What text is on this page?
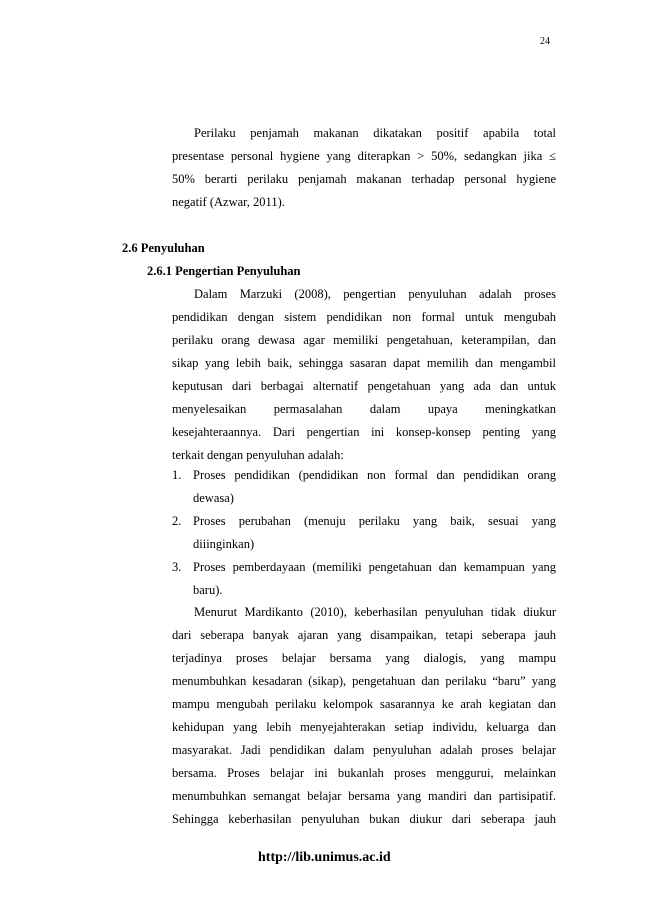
24
Perilaku penjamah makanan dikatakan positif apabila total
presentase personal hygiene yang diterapkan > 50%, sedangkan jika ≤
50% berarti perilaku penjamah makanan terhadap personal hygiene
negatif (Azwar, 2011).
2.6 Penyuluhan
2.6.1 Pengertian Penyuluhan
Dalam Marzuki (2008), pengertian penyuluhan adalah proses
pendidikan dengan sistem pendidikan non formal untuk mengubah
perilaku orang dewasa agar memiliki pengetahuan, keterampilan, dan
sikap yang lebih baik, sehingga sasaran dapat memilih dan mengambil
keputusan dari berbagai alternatif pengetahuan yang ada dan untuk
menyelesaikan permasalahan dalam upaya meningkatkan
kesejahteraannya. Dari pengertian ini konsep-konsep penting yang
terkait dengan penyuluhan adalah:
1. Proses pendidikan (pendidikan non formal dan pendidikan orang
dewasa)
2. Proses perubahan (menuju perilaku yang baik, sesuai yang
diiinginkan)
3. Proses pemberdayaan (memiliki pengetahuan dan kemampuan yang
baru).
Menurut Mardikanto (2010), keberhasilan penyuluhan tidak diukur
dari seberapa banyak ajaran yang disampaikan, tetapi seberapa jauh
terjadinya proses belajar bersama yang dialogis, yang mampu
menumbuhkan kesadaran (sikap), pengetahuan dan perilaku “baru” yang
mampu mengubah perilaku kelompok sasarannya ke arah kegiatan dan
kehidupan yang lebih menyejahterakan setiap individu, keluarga dan
masyarakat. Jadi pendidikan dalam penyuluhan adalah proses belajar
bersama. Proses belajar ini bukanlah proses menggurui, melainkan
menumbuhkan semangat belajar bersama yang mandiri dan partisipatif.
Sehingga keberhasilan penyuluhan bukan diukur dari seberapa jauh
http://lib.unimus.ac.id
